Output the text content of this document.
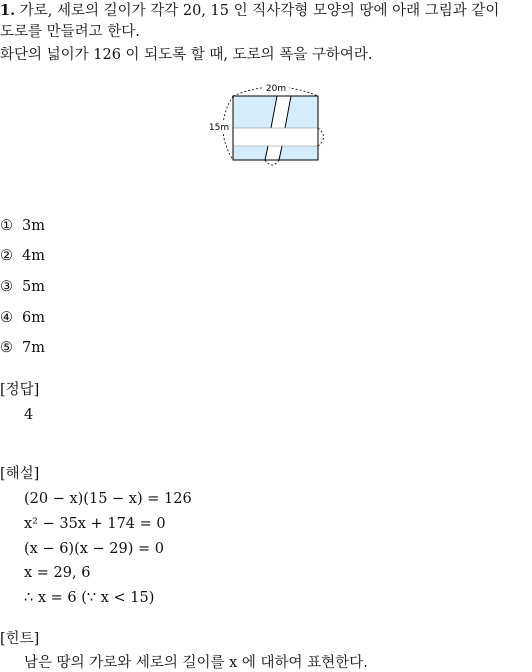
1. 가로, 세로의 길이가 각각 20, 15 인 직사각형 모양의 땅에 아래 그림과 같이
도로를 만들려고 한다.
화단의 넓이가 126 이 되도록 할 때, 도로의 폭을 구하여라.
20m
15m
① 3m
② 4m
③ 5m
④ 6m
⑤ 7m
[정답]
4
[해설]
(20 − x)(15 − x) = 126
x² − 35x + 174 = 0
(x − 6)(x − 29) = 0
x = 29, 6
∴ x = 6 (∵ x < 15)
[힌트]
남은 땅의 가로와 세로의 길이를 x 에 대하여 표현한다.
